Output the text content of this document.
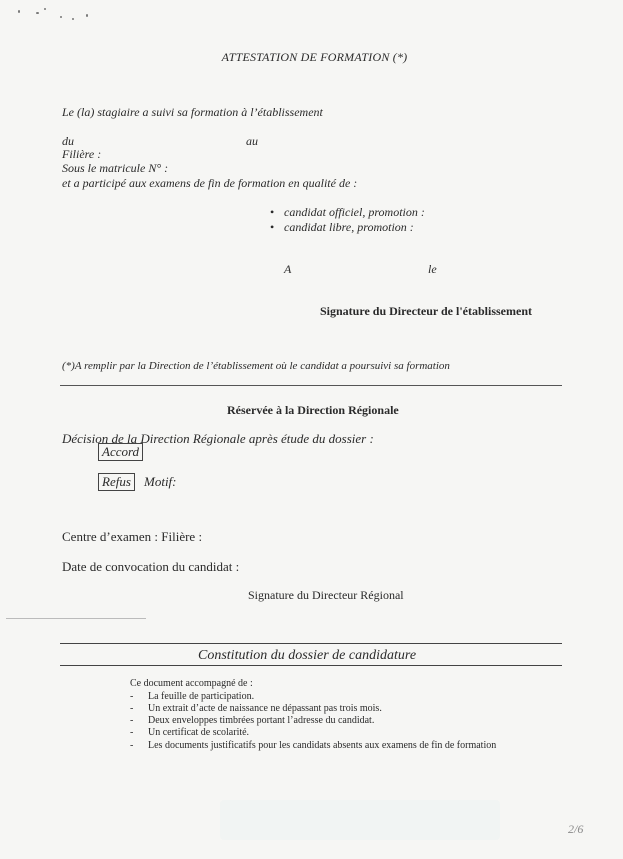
ATTESTATION DE FORMATION (*)
Le (la) stagiaire a suivi sa formation à l’établissement
du	au
Filière :
Sous le matricule N° :
et a participé aux examens de fin de formation en qualité de :
• candidat officiel, promotion :
• candidat libre, promotion :
A	le
Signature du Directeur de l'établissement
(*)A remplir par la Direction de l’établissement où le candidat a poursuivi sa formation
Réservée à la Direction Régionale
Décision de la Direction Régionale après étude du dossier :
Accord
Refus	Motif:
Centre d’examen : Filière :
Date de convocation du candidat :
Signature du Directeur Régional
Constitution du dossier de candidature
Ce document accompagné de :
- La feuille de participation.
- Un extrait d’acte de naissance ne dépassant pas trois mois.
- Deux enveloppes timbrées portant l’adresse du candidat.
- Un certificat de scolarité.
- Les documents justificatifs pour les candidats absents aux examens de fin de formation
2/6
